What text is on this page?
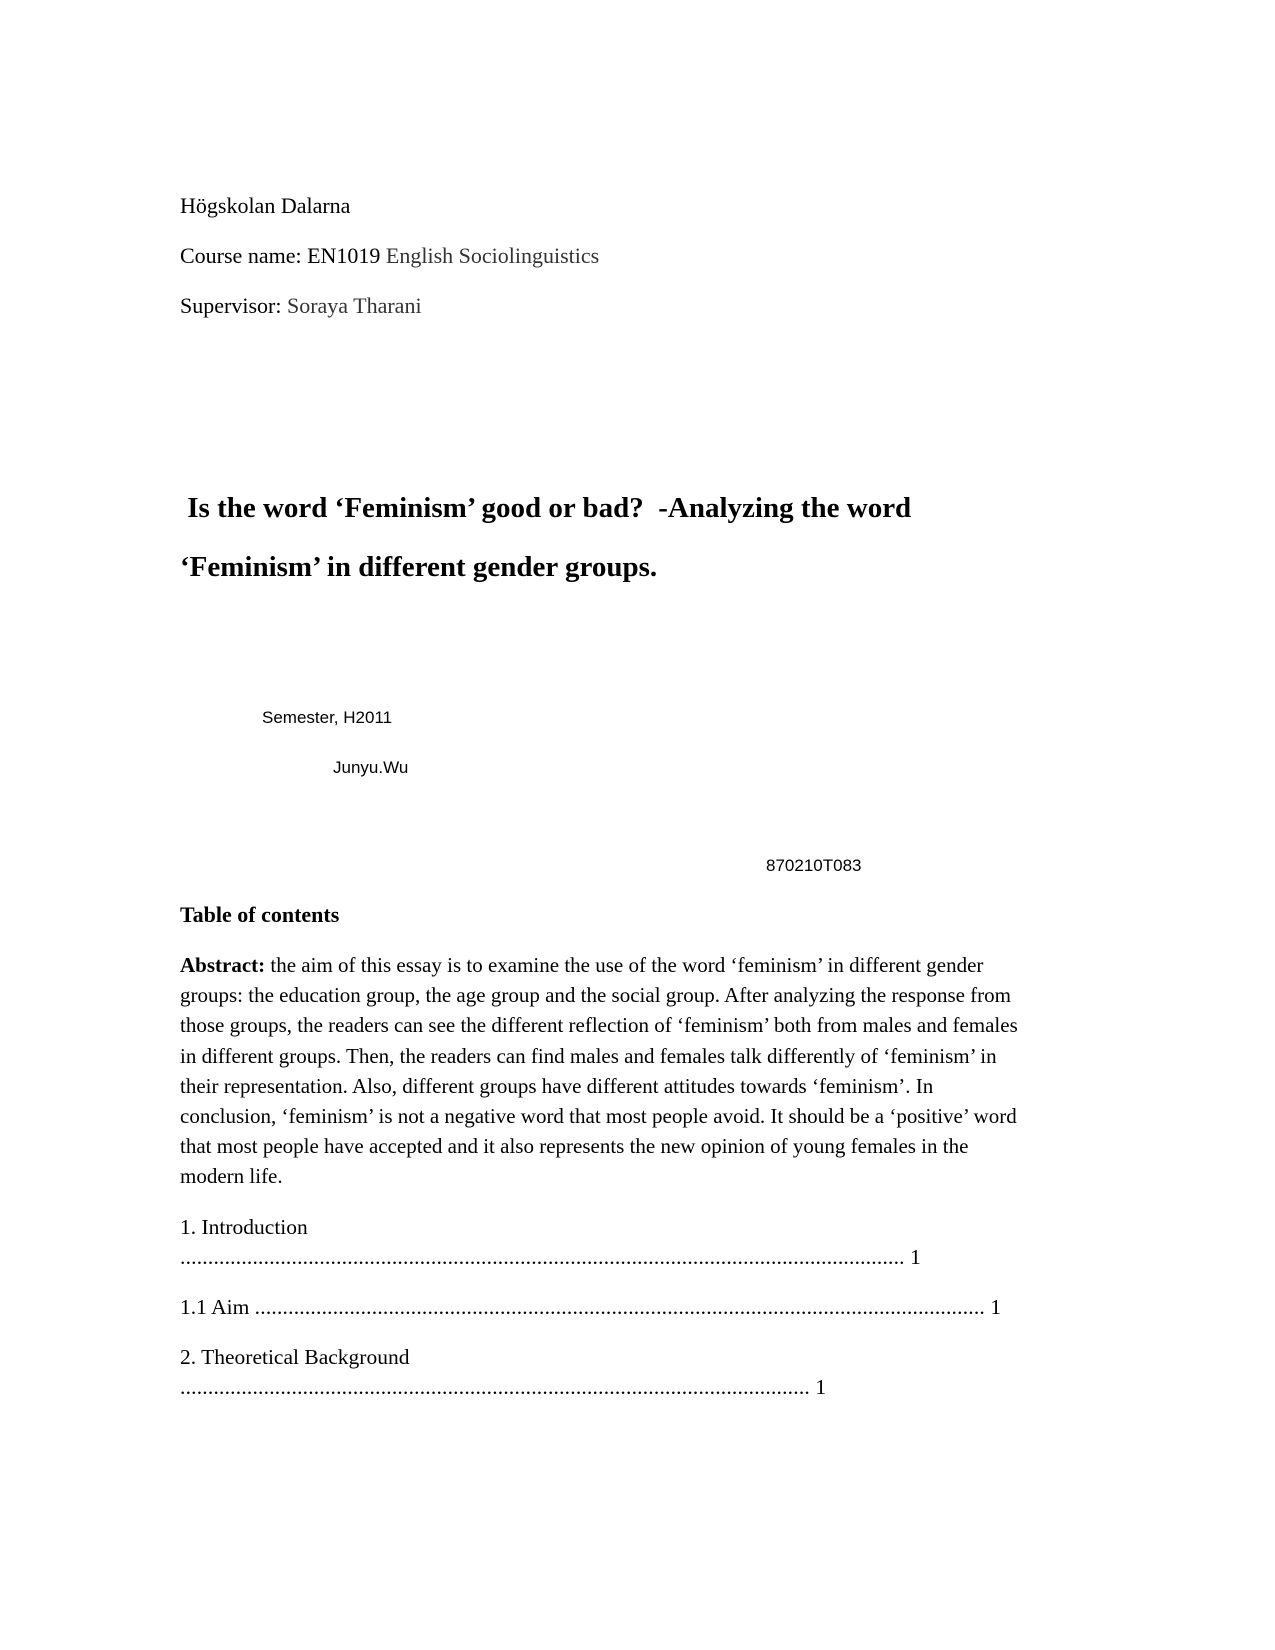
Högskolan Dalarna
Course name: EN1019 English Sociolinguistics
Supervisor: Soraya Tharani
Is the word ‘Feminism’ good or bad?  -Analyzing the word
‘Feminism’ in different gender groups.
Semester, H2011
Junyu.Wu
870210T083
Table of contents
Abstract: the aim of this essay is to examine the use of the word ‘feminism’ in different gender groups: the education group, the age group and the social group. After analyzing the response from those groups, the readers can see the different reflection of ‘feminism’ both from males and females in different groups. Then, the readers can find males and females talk differently of ‘feminism’ in their representation. Also, different groups have different attitudes towards ‘feminism’. In conclusion, ‘feminism’ is not a negative word that most people avoid. It should be a ‘positive’ word that most people have accepted and it also represents the new opinion of young females in the modern life.
1. Introduction
.................................................................................................................................. 1
1.1 Aim ................................................................................................................................... 1
2. Theoretical Background
................................................................................................................. 1
